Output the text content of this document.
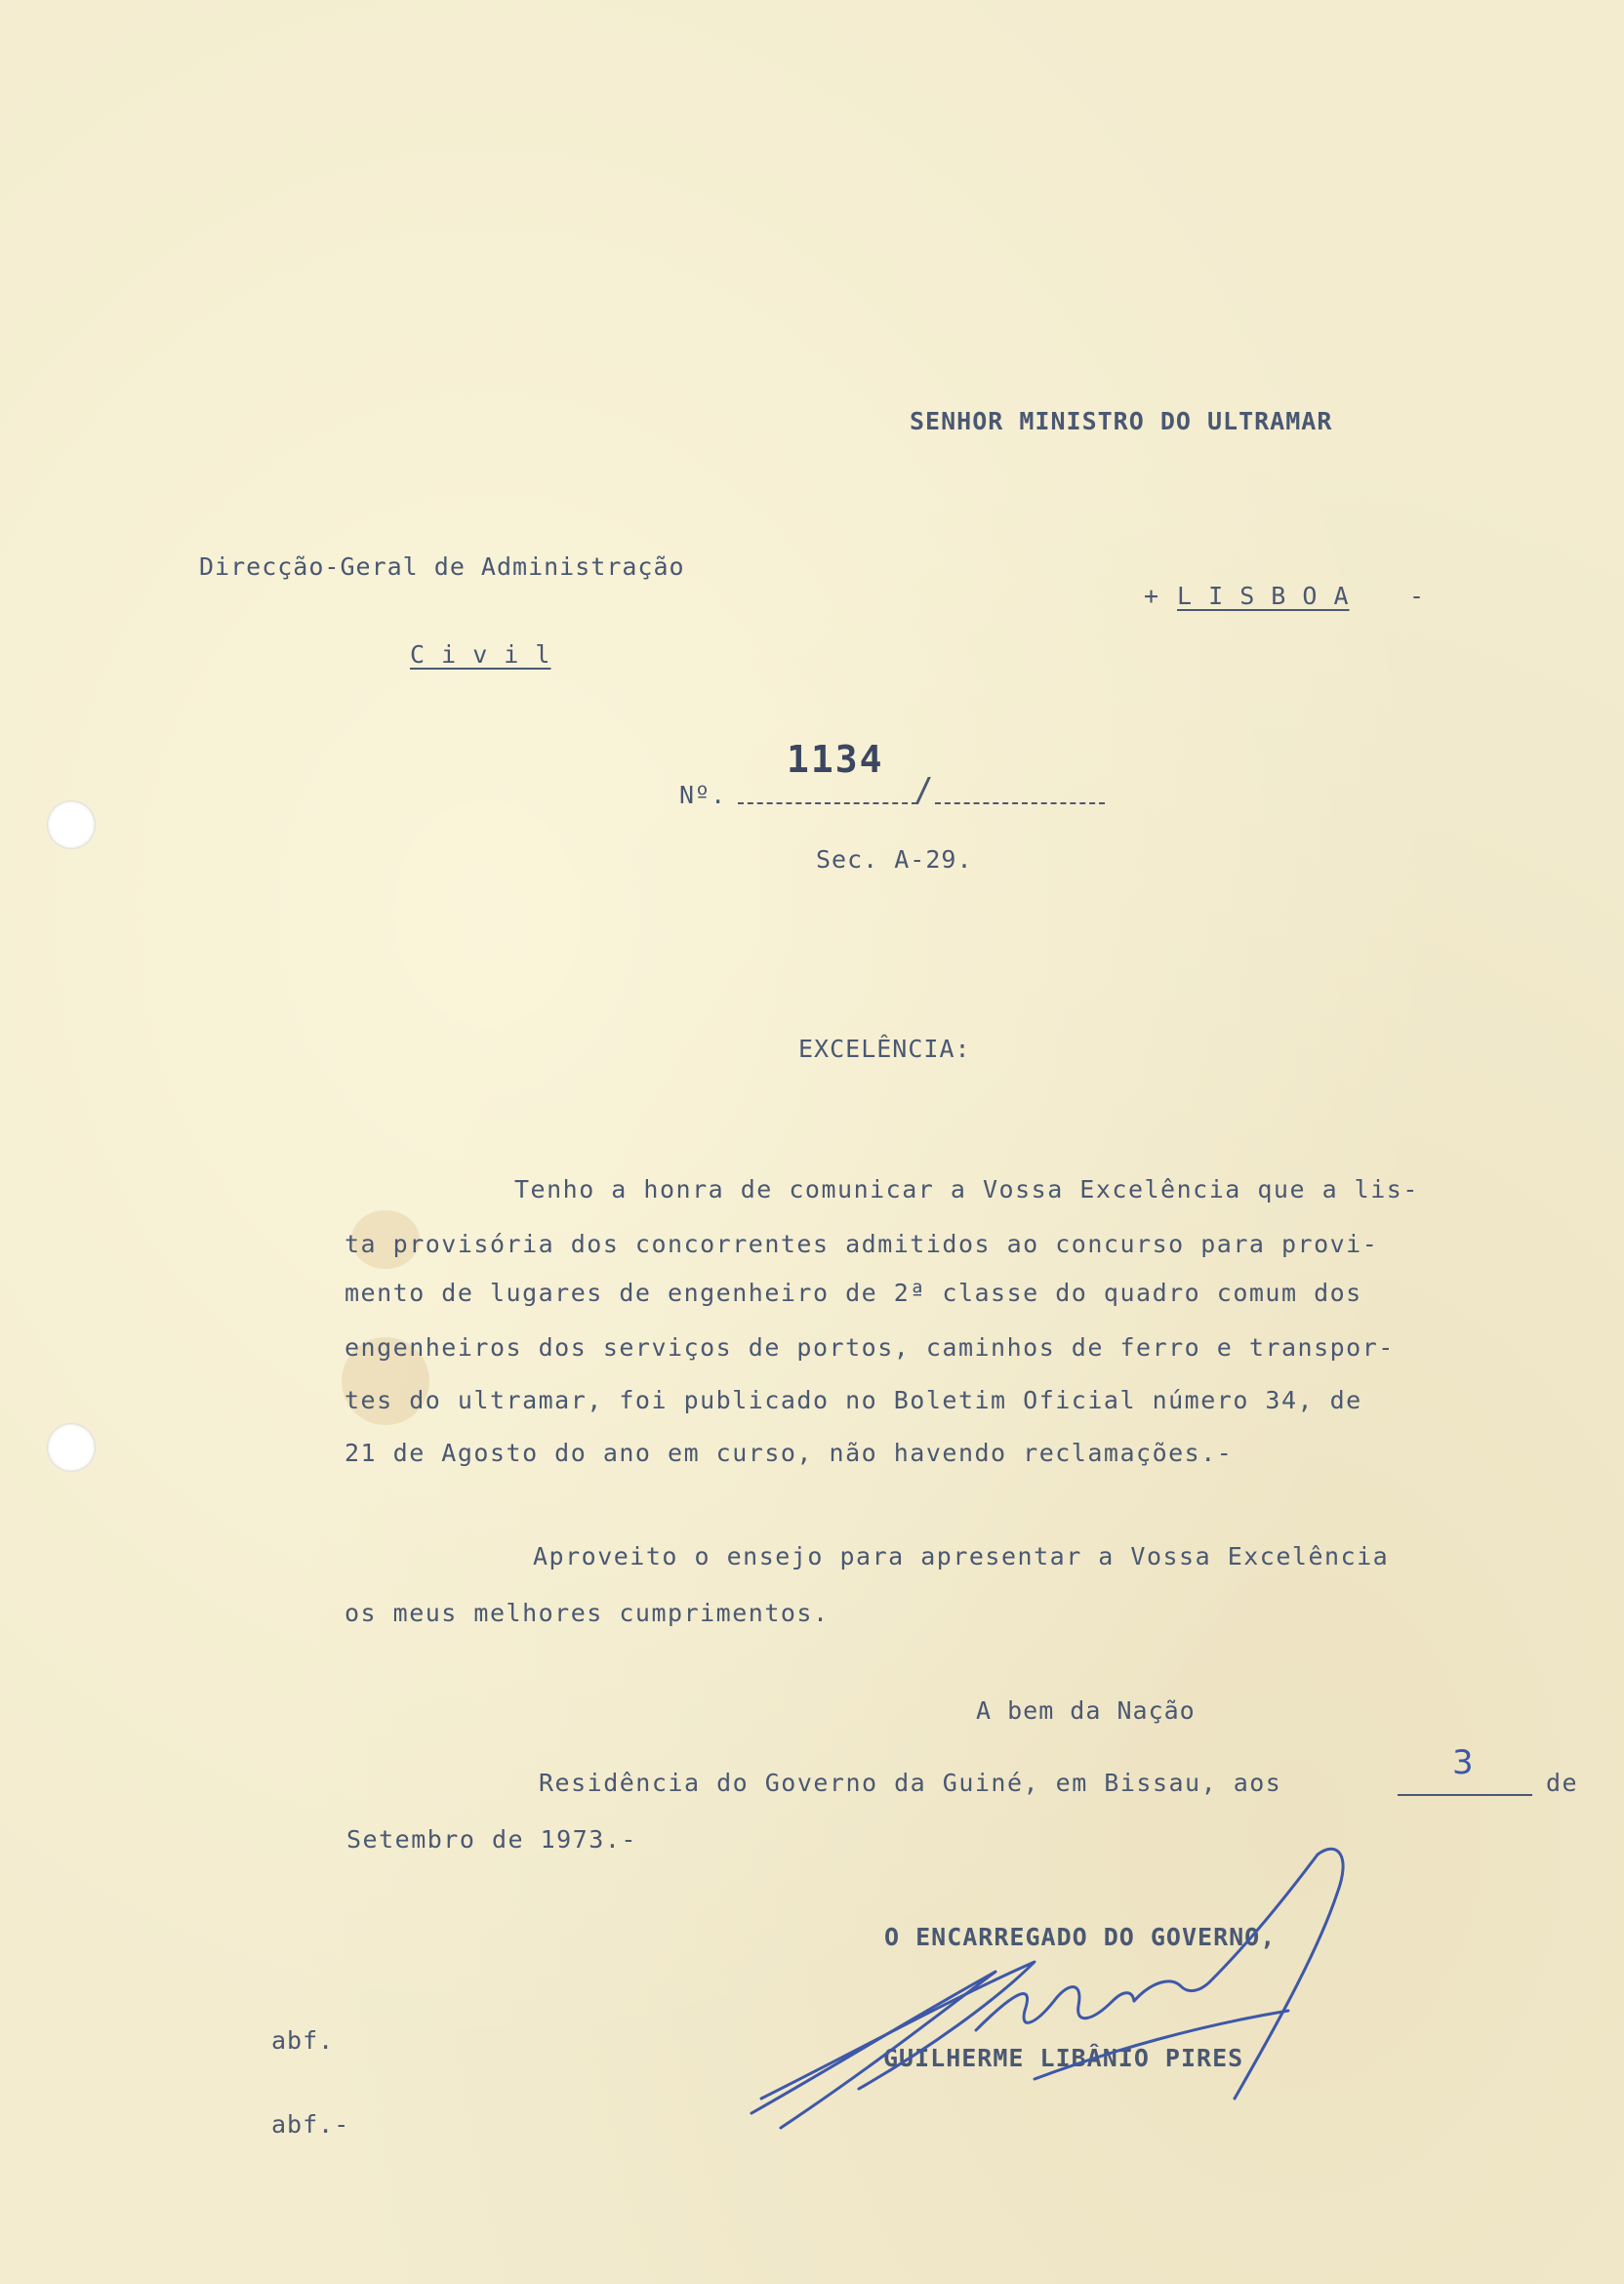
SENHOR MINISTRO DO ULTRAMAR
Direcção-Geral de Administração
C i v i l
+ L I S B O A -
Nº.	/
1134
Sec. A-29.
EXCELÊNCIA:
Tenho a honra de comunicar a Vossa Excelência que a lis-
ta provisória dos concorrentes admitidos ao concurso para provi-
mento de lugares de engenheiro de 2ª classe do quadro comum dos
engenheiros dos serviços de portos, caminhos de ferro e transpor-
tes do ultramar, foi publicado no Boletim Oficial número 34, de
21 de Agosto do ano em curso, não havendo reclamações.-
Aproveito o ensejo para apresentar a Vossa Excelência
os meus melhores cumprimentos.
A bem da Nação
Residência do Governo da Guiné, em Bissau, aos
3
de
Setembro de 1973.-
O ENCARREGADO DO GOVERNO,
GUILHERME LIBÂNIO PIRES
abf.
abf.-
